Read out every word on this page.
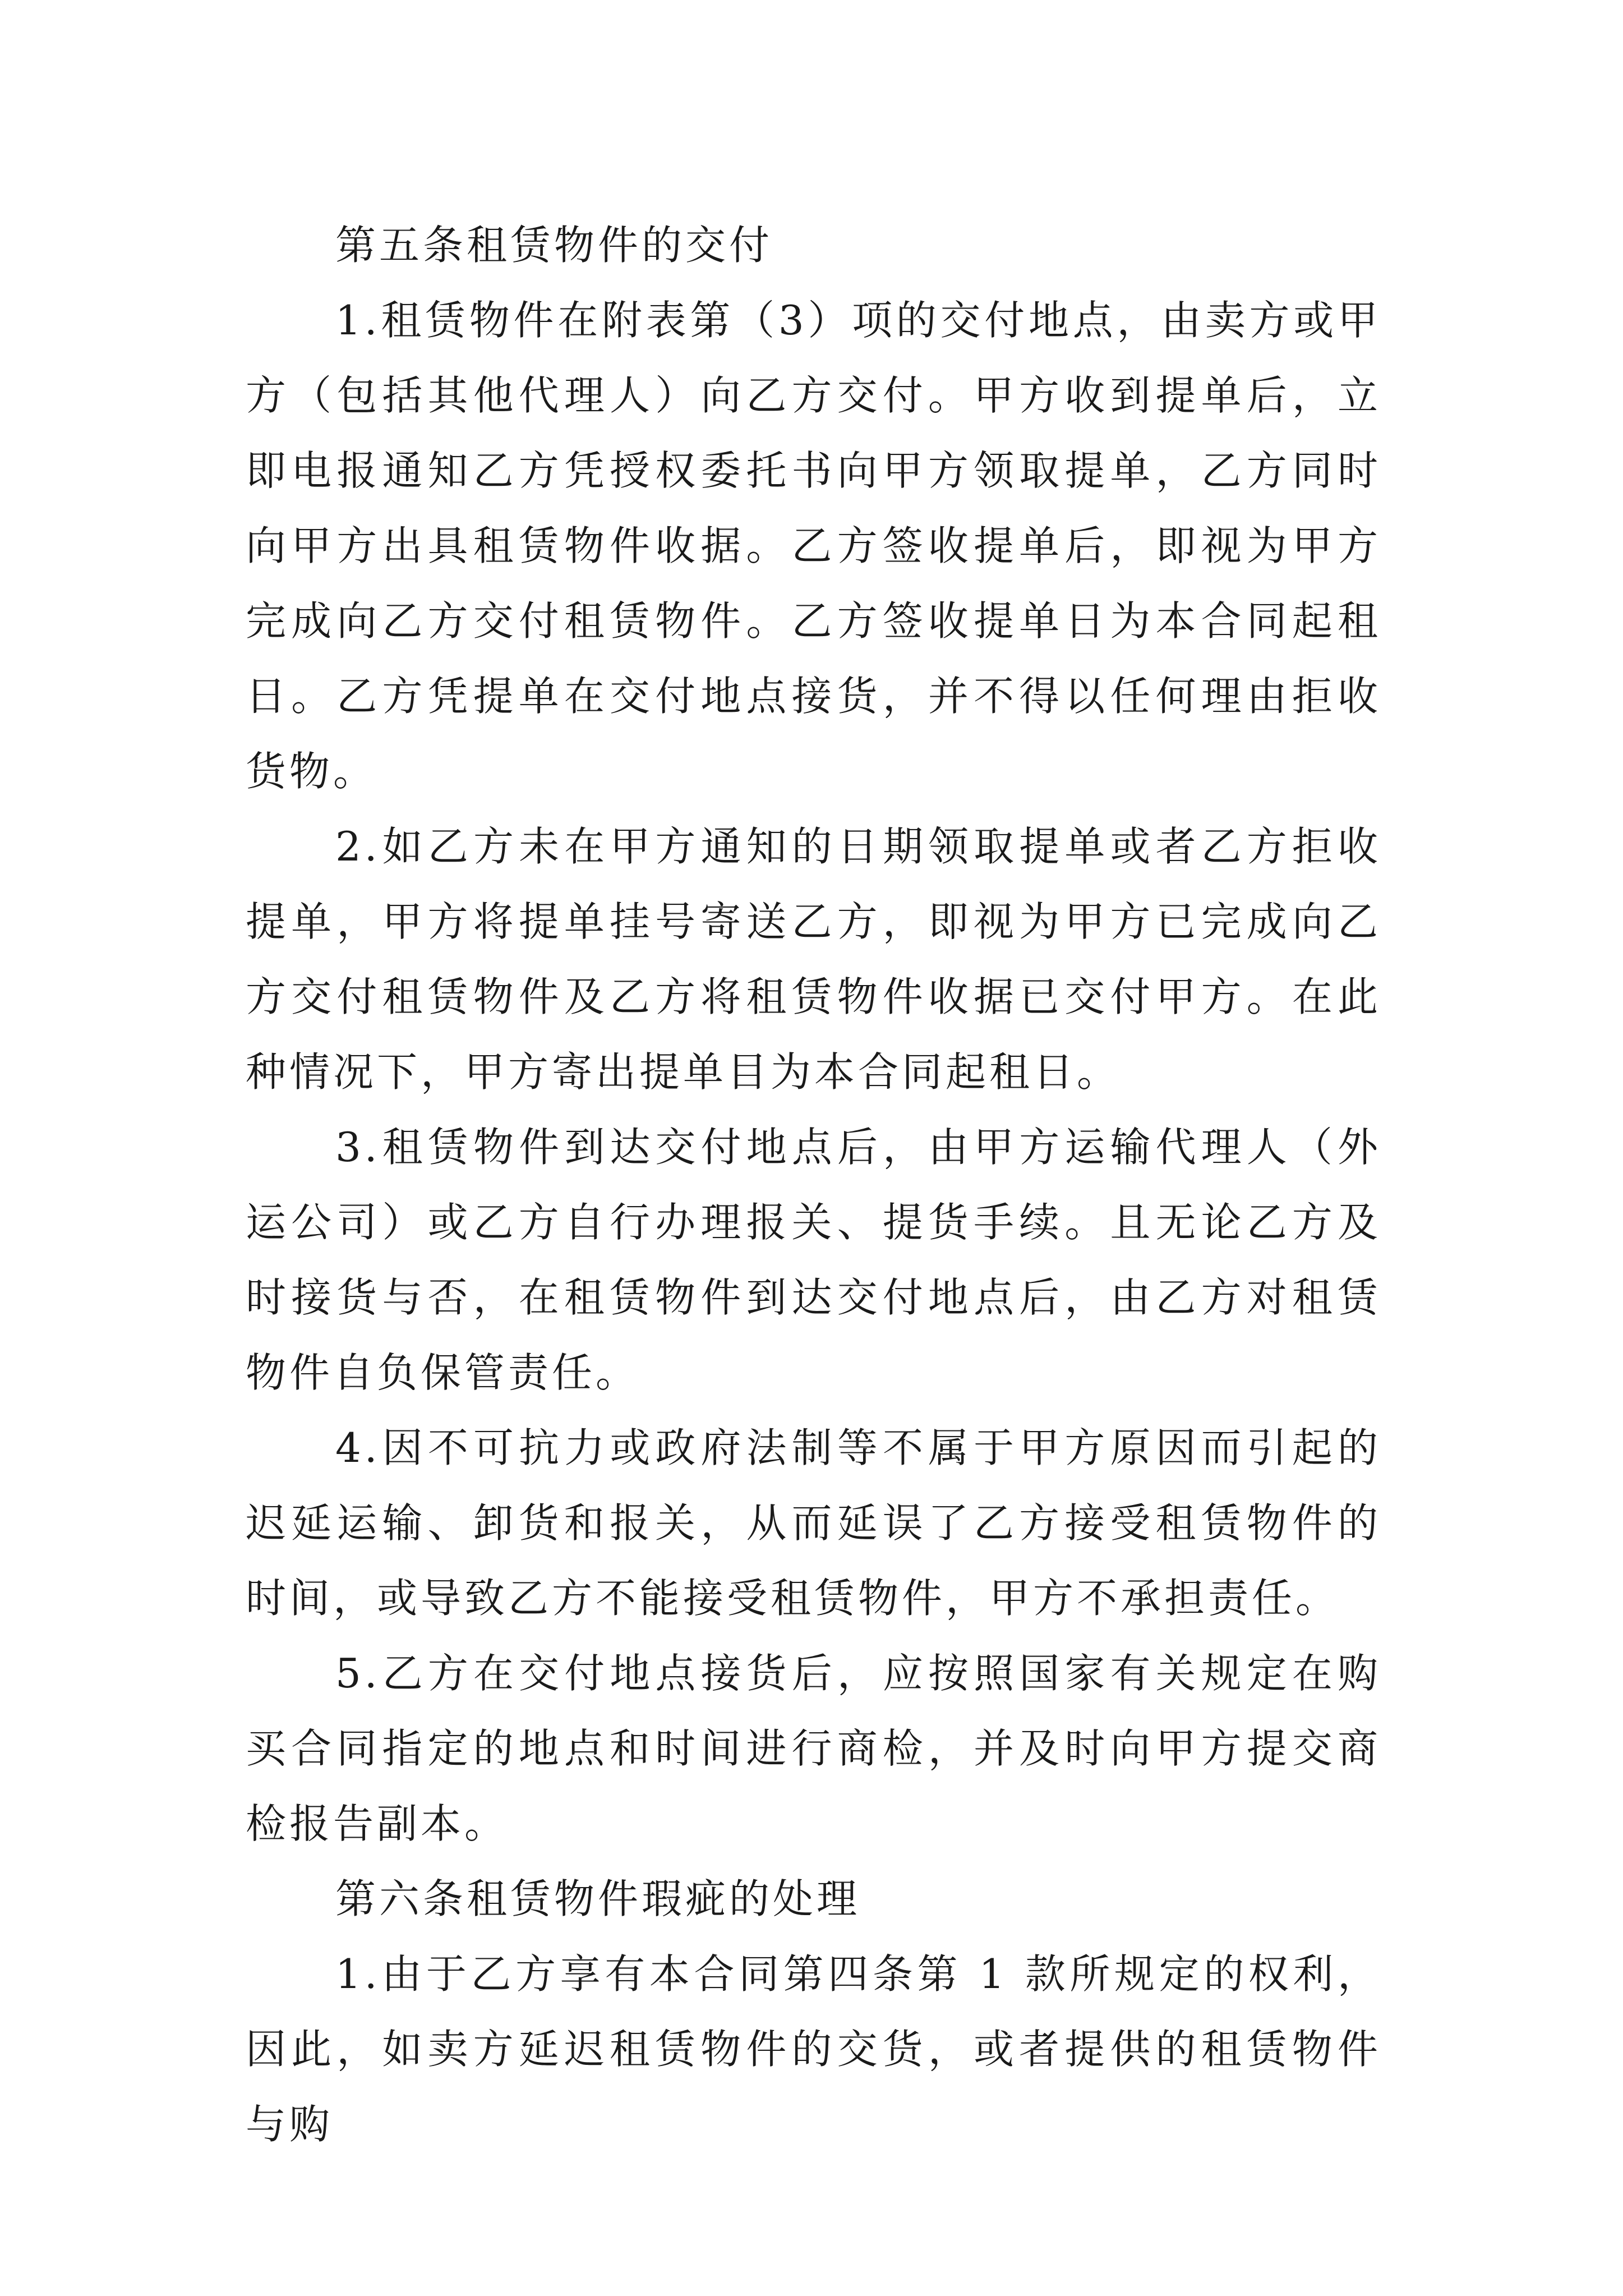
第五条租赁物件的交付

1.租赁物件在附表第（3）项的交付地点，由卖方或甲方（包括其他代理人）向乙方交付。甲方收到提单后，立即电报通知乙方凭授权委托书向甲方领取提单，乙方同时向甲方出具租赁物件收据。乙方签收提单后，即视为甲方完成向乙方交付租赁物件。乙方签收提单日为本合同起租日。乙方凭提单在交付地点接货，并不得以任何理由拒收货物。

2.如乙方未在甲方通知的日期领取提单或者乙方拒收提单，甲方将提单挂号寄送乙方，即视为甲方已完成向乙方交付租赁物件及乙方将租赁物件收据已交付甲方。在此种情况下，甲方寄出提单目为本合同起租日。

3.租赁物件到达交付地点后，由甲方运输代理人（外运公司）或乙方自行办理报关、提货手续。且无论乙方及时接货与否，在租赁物件到达交付地点后，由乙方对租赁物件自负保管责任。

4.因不可抗力或政府法制等不属于甲方原因而引起的迟延运输、卸货和报关，从而延误了乙方接受租赁物件的时间，或导致乙方不能接受租赁物件，甲方不承担责任。

5.乙方在交付地点接货后，应按照国家有关规定在购买合同指定的地点和时间进行商检，并及时向甲方提交商检报告副本。

第六条租赁物件瑕疵的处理

1.由于乙方享有本合同第四条第 1 款所规定的权利，因此，如卖方延迟租赁物件的交货，或者提供的租赁物件与购
